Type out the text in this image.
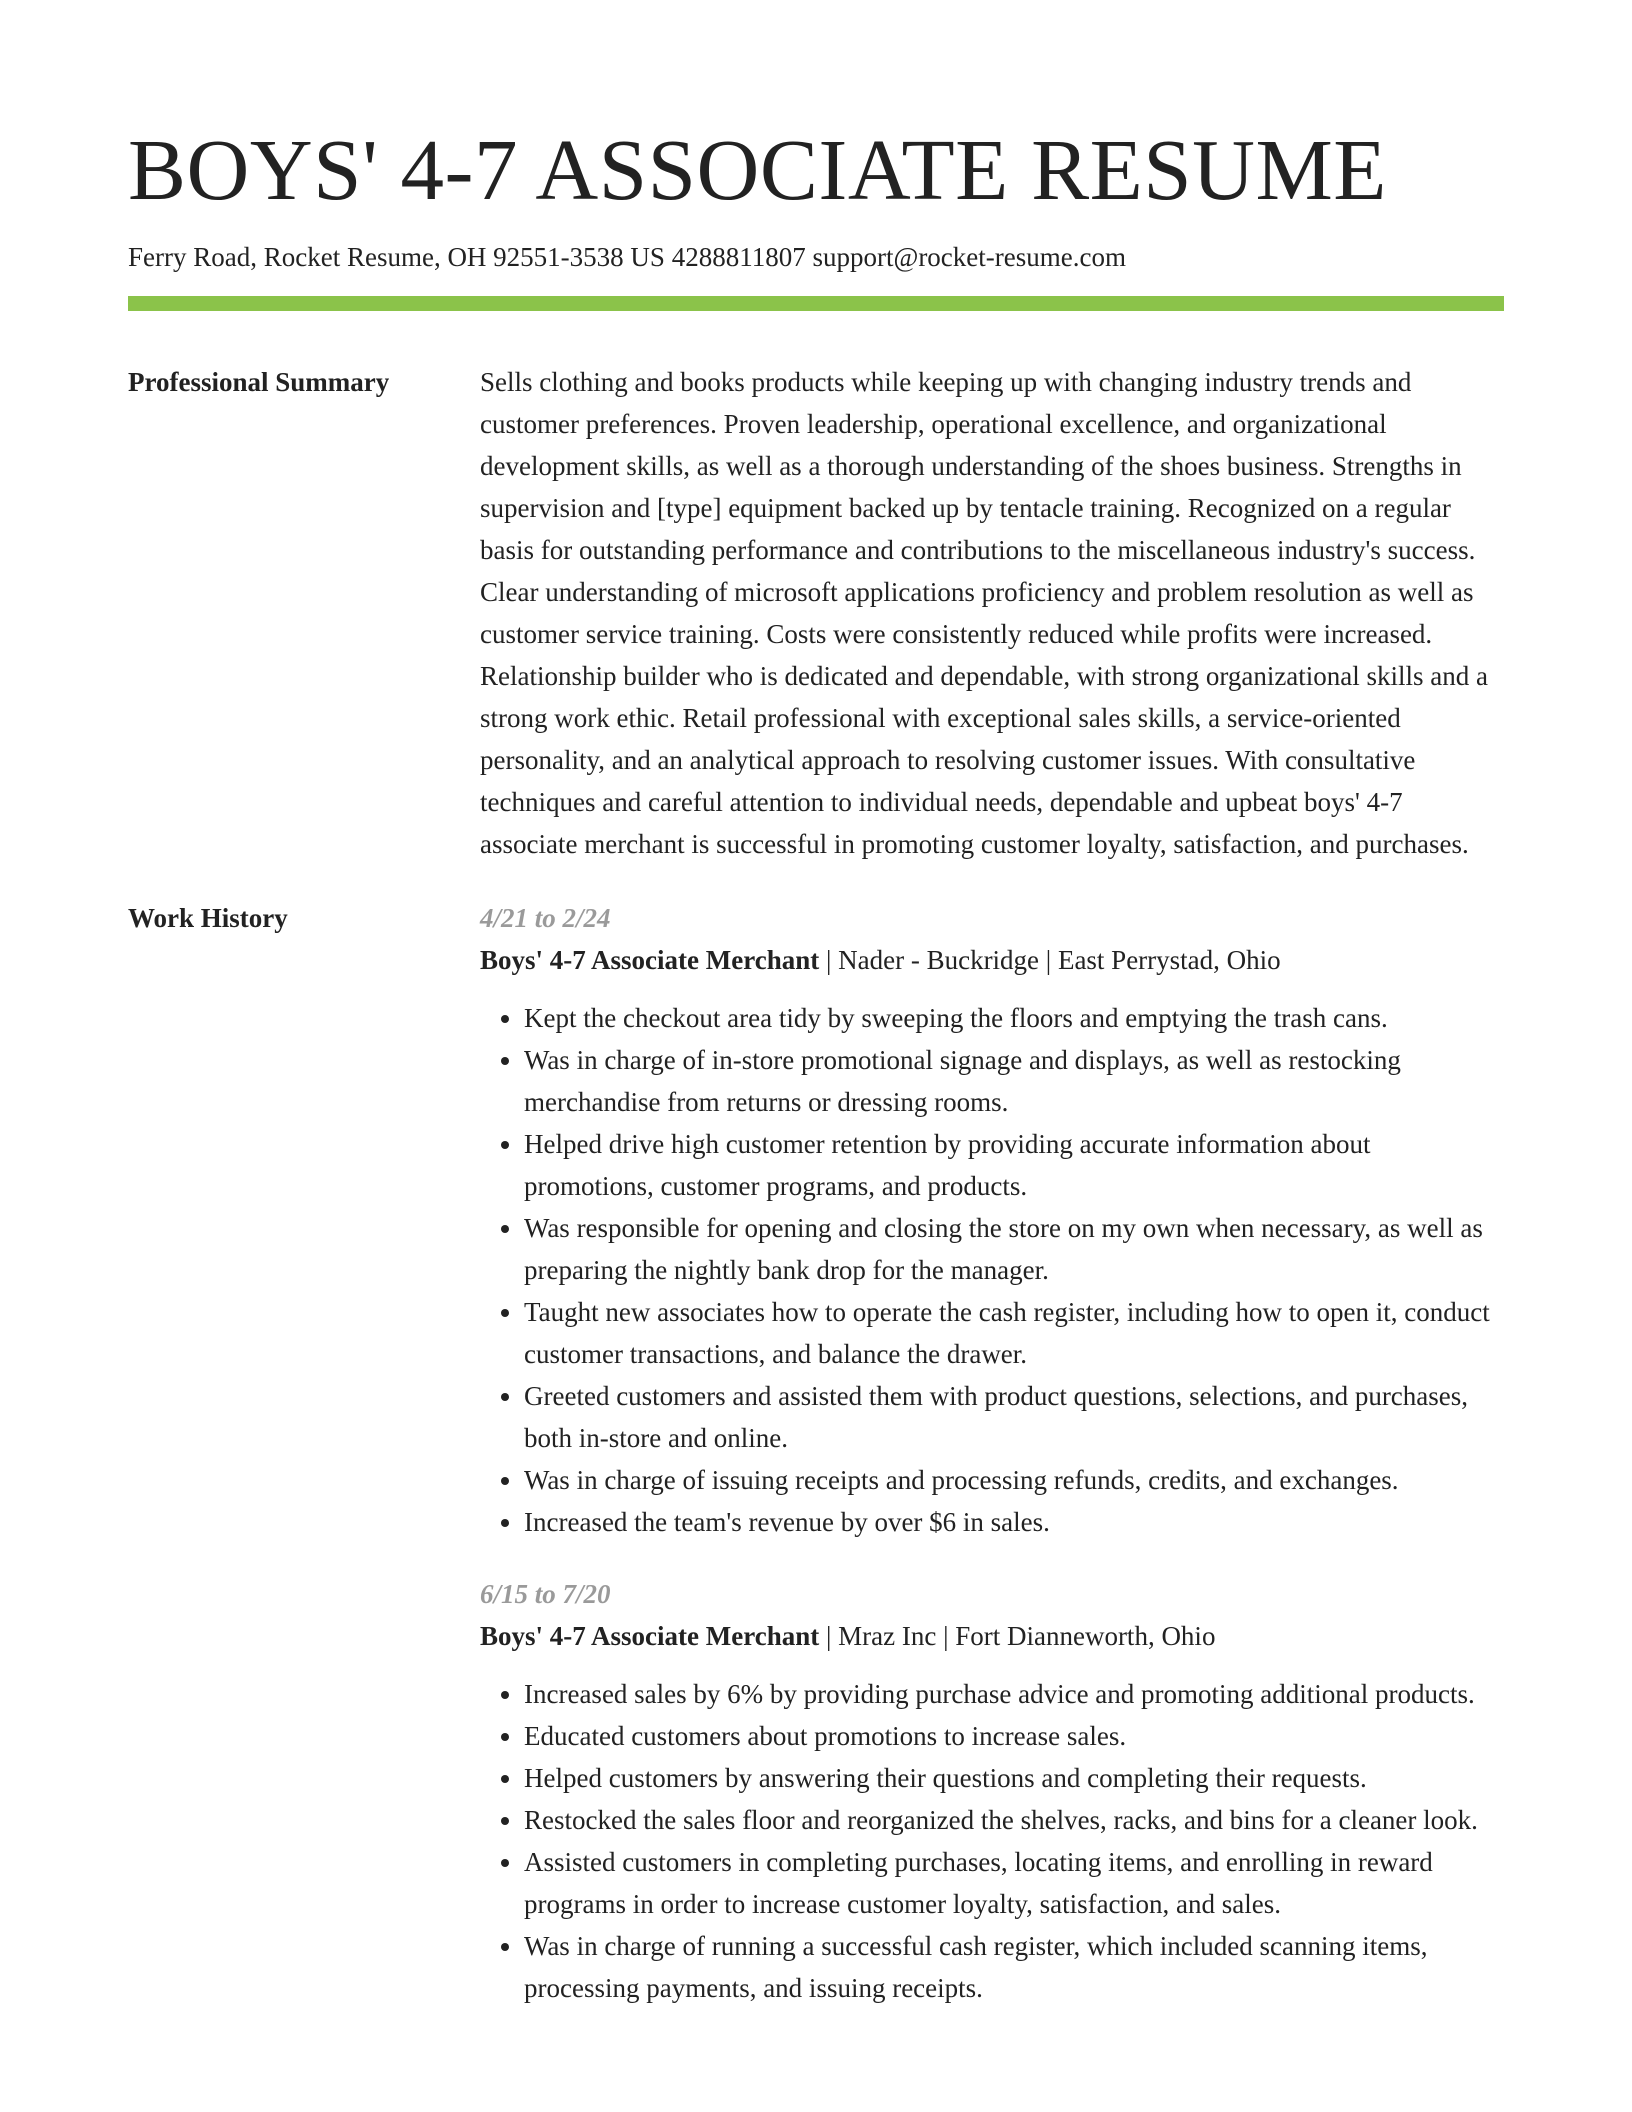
BOYS' 4-7 ASSOCIATE RESUME
Ferry Road, Rocket Resume, OH 92551-3538 US 4288811807 support@rocket-resume.com
Professional Summary	Sells clothing and books products while keeping up with changing industry trends and customer preferences. Proven leadership, operational excellence, and organizational development skills, as well as a thorough understanding of the shoes business. Strengths in supervision and [type] equipment backed up by tentacle training. Recognized on a regular basis for outstanding performance and contributions to the miscellaneous industry's success. Clear understanding of microsoft applications proficiency and problem resolution as well as customer service training. Costs were consistently reduced while profits were increased. Relationship builder who is dedicated and dependable, with strong organizational skills and a strong work ethic. Retail professional with exceptional sales skills, a service-oriented personality, and an analytical approach to resolving customer issues. With consultative techniques and careful attention to individual needs, dependable and upbeat boys' 4-7 associate merchant is successful in promoting customer loyalty, satisfaction, and purchases.

Work History	4/21 to 2/24
Boys' 4-7 Associate Merchant | Nader - Buckridge | East Perrystad, Ohio
• Kept the checkout area tidy by sweeping the floors and emptying the trash cans.
• Was in charge of in-store promotional signage and displays, as well as restocking merchandise from returns or dressing rooms.
• Helped drive high customer retention by providing accurate information about promotions, customer programs, and products.
• Was responsible for opening and closing the store on my own when necessary, as well as preparing the nightly bank drop for the manager.
• Taught new associates how to operate the cash register, including how to open it, conduct customer transactions, and balance the drawer.
• Greeted customers and assisted them with product questions, selections, and purchases, both in-store and online.
• Was in charge of issuing receipts and processing refunds, credits, and exchanges.
• Increased the team's revenue by over $6 in sales.
6/15 to 7/20
Boys' 4-7 Associate Merchant | Mraz Inc | Fort Dianneworth, Ohio
• Increased sales by 6% by providing purchase advice and promoting additional products.
• Educated customers about promotions to increase sales.
• Helped customers by answering their questions and completing their requests.
• Restocked the sales floor and reorganized the shelves, racks, and bins for a cleaner look.
• Assisted customers in completing purchases, locating items, and enrolling in reward programs in order to increase customer loyalty, satisfaction, and sales.
• Was in charge of running a successful cash register, which included scanning items, processing payments, and issuing receipts.
